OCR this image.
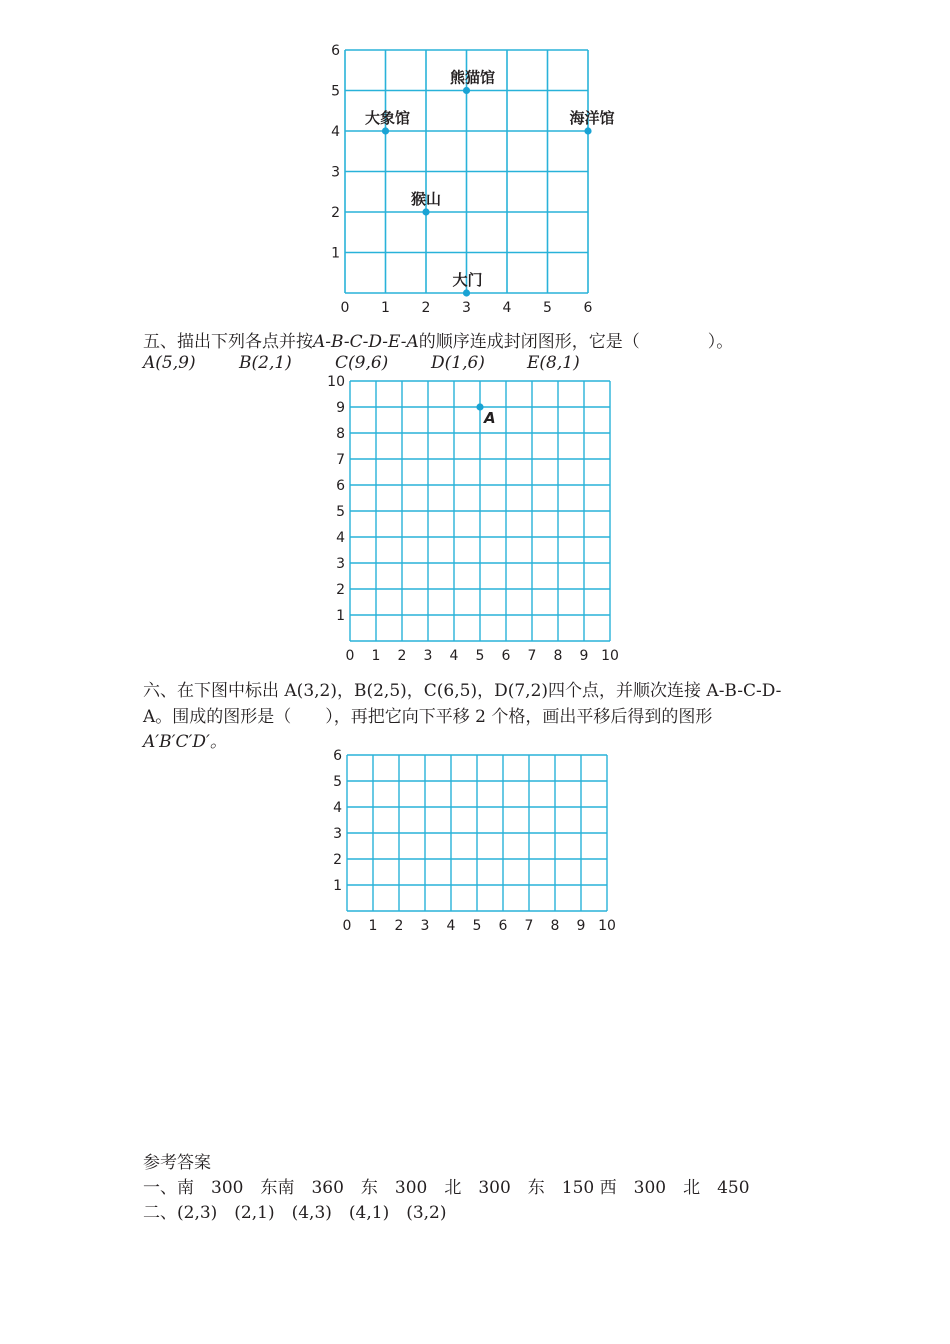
0 1 2 3 4 5 6
1
2
3
4
5
6
熊猫馆
大象馆	海洋馆
猴山
大门
五、描出下列各点并按A-B-C-D-E-A的顺序连成封闭图形，它是（　　　　）。
A(5,9)	B(2,1)	C(9,6)	D(1,6) E(8,1)
0 1 2 3 4 5 6 7 8 9 10
1
2
3
4
5
6
7
8
9
10
A
六、在下图中标出 A(3,2)，B(2,5)，C(6,5)，D(7,2)四个点，并顺次连接 A-B-C-D-
A。围成的图形是（　　），再把它向下平移 2 个格，画出平移后得到的图形
A′B′C′D′。
0 1 2 3 4 5 6 7 8 9 10
1
2
3
4
5
6
参考答案
一、南　300　东南　360　东　300　北　300　东　150 西　300　北　450
二、(2,3)　(2,1)　(4,3)　(4,1)　(3,2)
